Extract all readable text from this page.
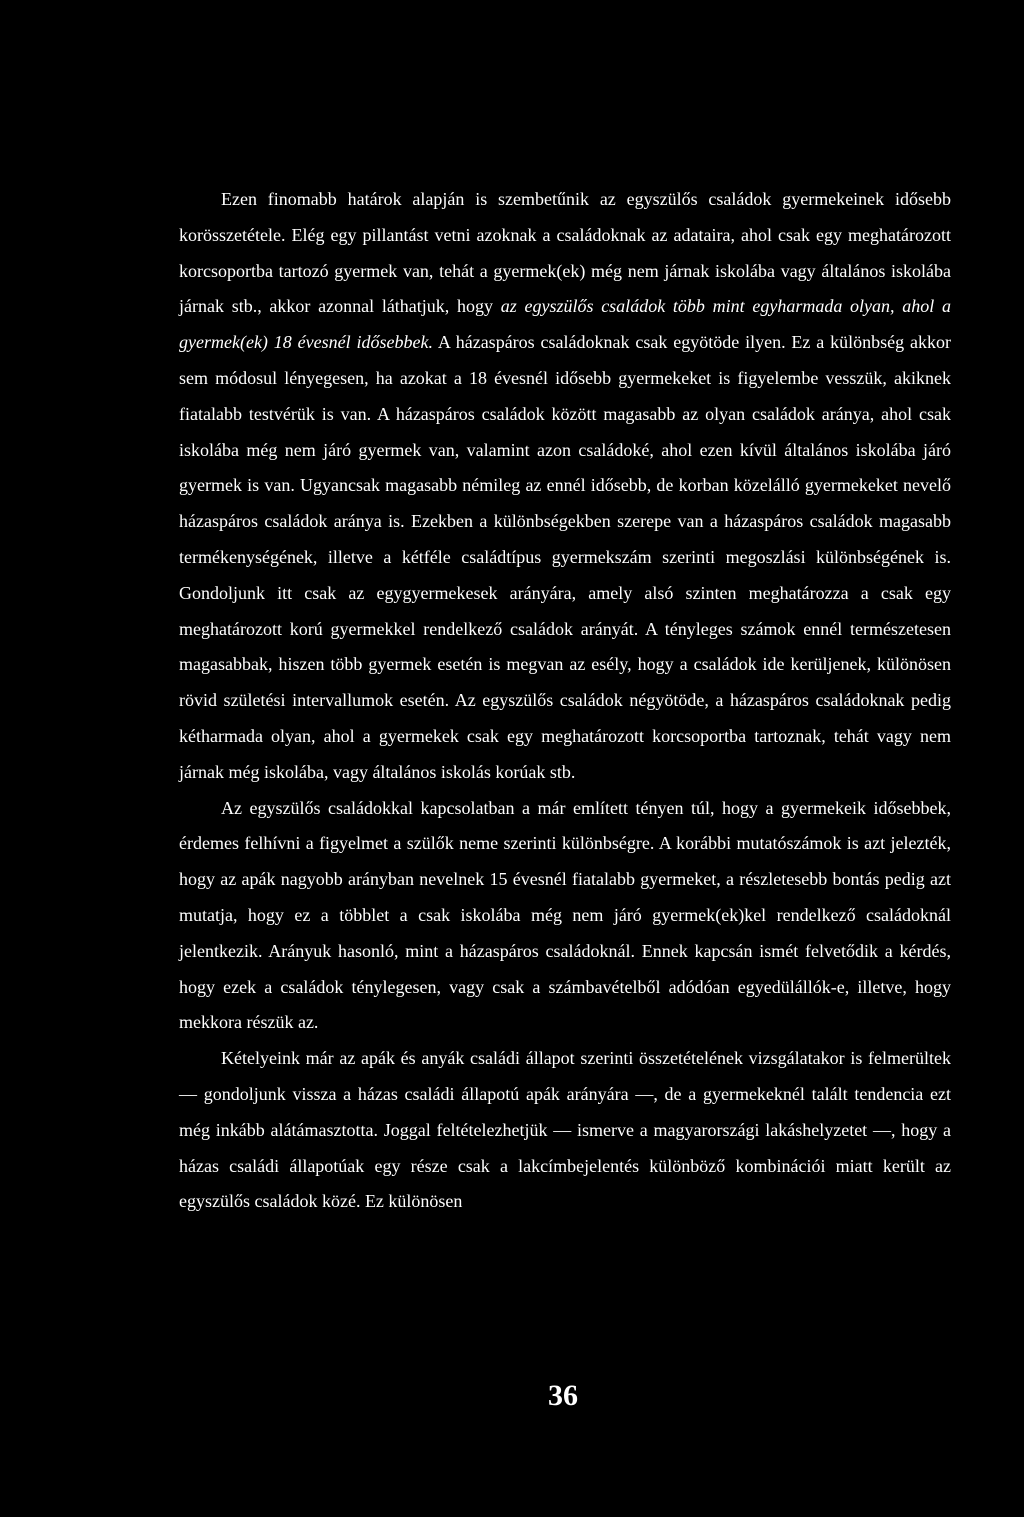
Ezen finomabb határok alapján is szembetűnik az egyszülős családok gyermekeinek idősebb korösszetétele. Elég egy pillantást vetni azoknak a családoknak az adataira, ahol csak egy meghatározott korcsoportba tartozó gyermek van, tehát a gyermek(ek) még nem járnak iskolába vagy általános iskolába járnak stb., akkor azonnal láthatjuk, hogy az egyszülős családok több mint egyharmada olyan, ahol a gyermek(ek) 18 évesnél idősebbek. A házaspáros családoknak csak egyötöde ilyen. Ez a különbség akkor sem módosul lényegesen, ha azokat a 18 évesnél idősebb gyermekeket is figyelembe vesszük, akiknek fiatalabb testvérük is van. A házaspáros családok között magasabb az olyan családok aránya, ahol csak iskolába még nem járó gyermek van, valamint azon családoké, ahol ezen kívül általános iskolába járó gyermek is van. Ugyancsak magasabb némileg az ennél idősebb, de korban közelálló gyermekeket nevelő házaspáros családok aránya is. Ezekben a különbségekben szerepe van a házaspáros családok magasabb termékenységének, illetve a kétféle családtípus gyermekszám szerinti megoszlási különbségének is. Gondoljunk itt csak az egygyermekesek arányára, amely alsó szinten meghatározza a csak egy meghatározott korú gyermekkel rendelkező családok arányát. A tényleges számok ennél természetesen magasabbak, hiszen több gyermek esetén is megvan az esély, hogy a családok ide kerüljenek, különösen rövid születési intervallumok esetén. Az egyszülős családok négyötöde, a házaspáros családoknak pedig kétharmada olyan, ahol a gyermekek csak egy meghatározott korcsoportba tartoznak, tehát vagy nem járnak még iskolába, vagy általános iskolás korúak stb.

Az egyszülős családokkal kapcsolatban a már említett tényen túl, hogy a gyermekeik idősebbek, érdemes felhívni a figyelmet a szülők neme szerinti különbségre. A korábbi mutatószámok is azt jelezték, hogy az apák nagyobb arányban nevelnek 15 évesnél fiatalabb gyermeket, a részletesebb bontás pedig azt mutatja, hogy ez a többlet a csak iskolába még nem járó gyermek(ek)kel rendelkező családoknál jelentkezik. Arányuk hasonló, mint a házaspáros családoknál. Ennek kapcsán ismét felvetődik a kérdés, hogy ezek a családok ténylegesen, vagy csak a számbavételből adódóan egyedülállók-e, illetve, hogy mekkora részük az.

Kételyeink már az apák és anyák családi állapot szerinti összetételének vizsgálatakor is felmerültek — gondoljunk vissza a házas családi állapotú apák arányára —, de a gyermekeknél talált tendencia ezt még inkább alátámasztotta. Joggal feltételezhetjük — ismerve a magyarországi lakáshelyzetet —, hogy a házas családi állapotúak egy része csak a lakcímbejelentés különböző kombinációi miatt került az egyszülős családok közé. Ez különösen

36
